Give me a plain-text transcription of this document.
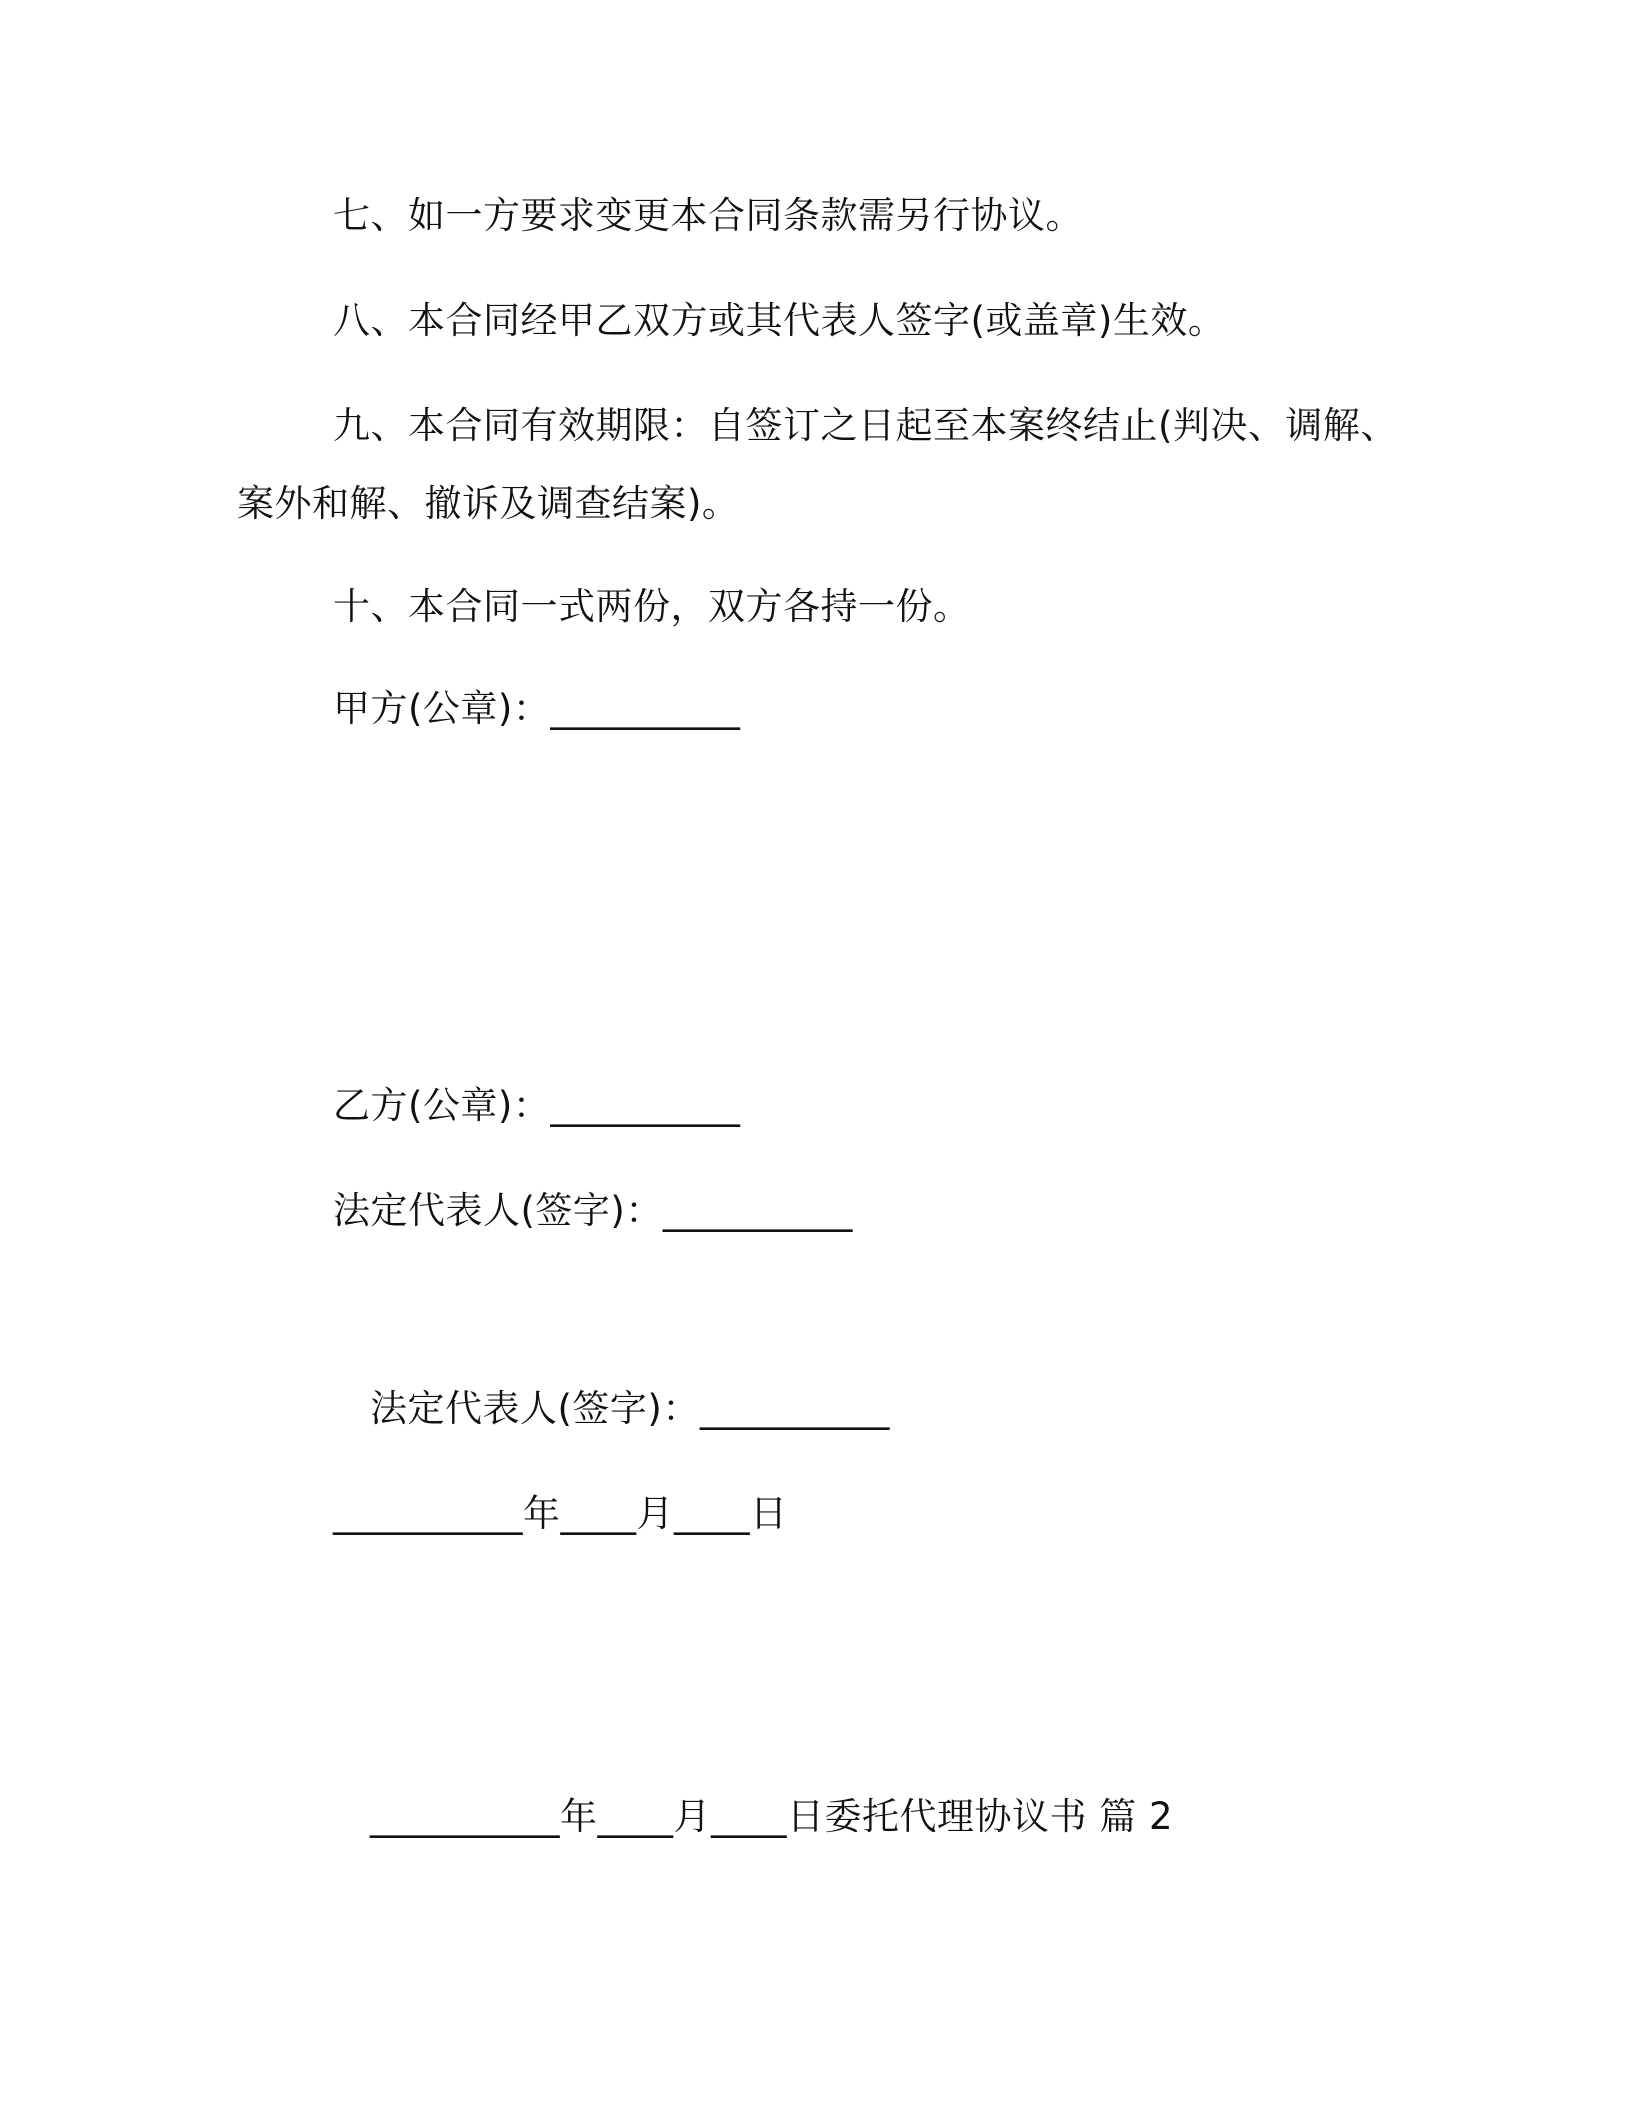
七、如一方要求变更本合同条款需另行协议。
八、本合同经甲乙双方或其代表人签字(或盖章)生效。
九、本合同有效期限：自签订之日起至本案终结止(判决、调解、
案外和解、撤诉及调查结案)。
十、本合同一式两份，双方各持一份。
甲方(公章)：__________
乙方(公章)：__________
法定代表人(签字)：__________
法定代表人(签字)：__________
__________年____月____日
__________年____月____日委托代理协议书 篇 2
